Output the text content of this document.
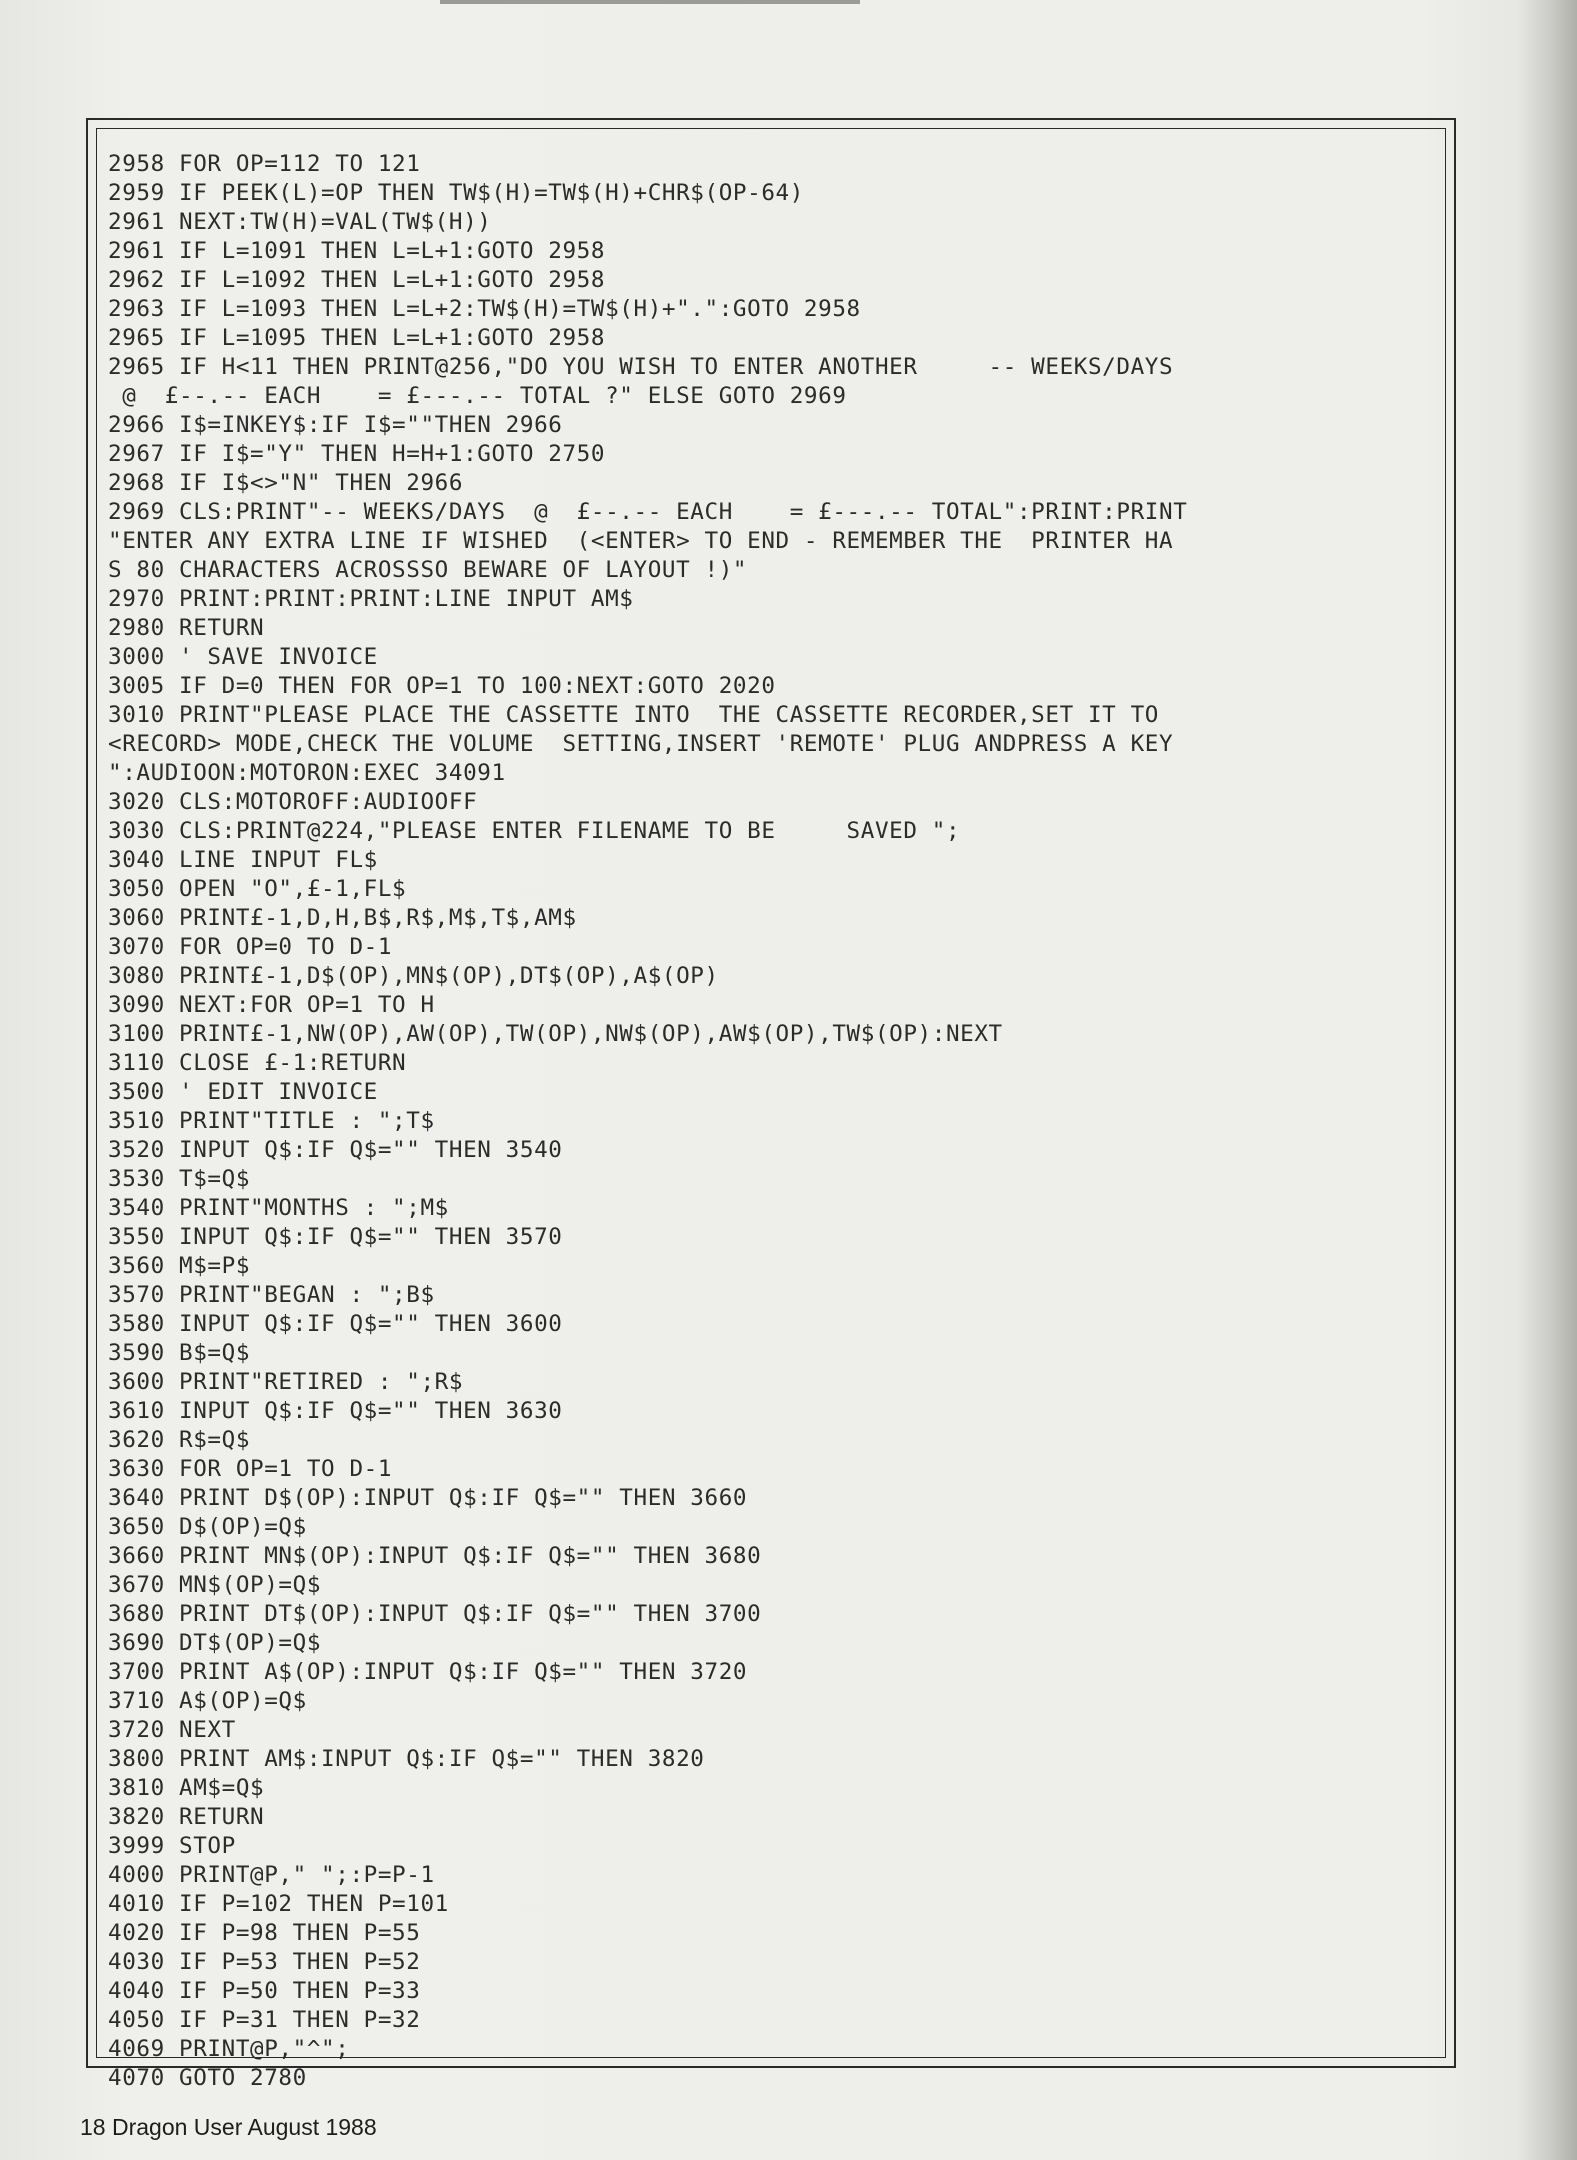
2958 FOR OP=112 TO 121
2959 IF PEEK(L)=OP THEN TW$(H)=TW$(H)+CHR$(OP-64)
2961 NEXT:TW(H)=VAL(TW$(H))
2961 IF L=1091 THEN L=L+1:GOTO 2958
2962 IF L=1092 THEN L=L+1:GOTO 2958
2963 IF L=1093 THEN L=L+2:TW$(H)=TW$(H)+".":GOTO 2958
2965 IF L=1095 THEN L=L+1:GOTO 2958
2965 IF H<11 THEN PRINT@256,"DO YOU WISH TO ENTER ANOTHER     -- WEEKS/DAYS
@  £--.-- EACH    = £---.-- TOTAL ?" ELSE GOTO 2969
2966 I$=INKEY$:IF I$=""THEN 2966
2967 IF I$="Y" THEN H=H+1:GOTO 2750
2968 IF I$<>"N" THEN 2966
2969 CLS:PRINT"-- WEEKS/DAYS  @  £--.-- EACH    = £---.-- TOTAL":PRINT:PRINT
"ENTER ANY EXTRA LINE IF WISHED  (<ENTER> TO END - REMEMBER THE  PRINTER HA
S 80 CHARACTERS ACROSSSO BEWARE OF LAYOUT !)"
2970 PRINT:PRINT:PRINT:LINE INPUT AM$
2980 RETURN
3000 ' SAVE INVOICE
3005 IF D=0 THEN FOR OP=1 TO 100:NEXT:GOTO 2020
3010 PRINT"PLEASE PLACE THE CASSETTE INTO  THE CASSETTE RECORDER,SET IT TO
<RECORD> MODE,CHECK THE VOLUME  SETTING,INSERT 'REMOTE' PLUG ANDPRESS A KEY
":AUDIOON:MOTORON:EXEC 34091
3020 CLS:MOTOROFF:AUDIOOFF
3030 CLS:PRINT@224,"PLEASE ENTER FILENAME TO BE     SAVED ";
3040 LINE INPUT FL$
3050 OPEN "O",£-1,FL$
3060 PRINT£-1,D,H,B$,R$,M$,T$,AM$
3070 FOR OP=0 TO D-1
3080 PRINT£-1,D$(OP),MN$(OP),DT$(OP),A$(OP)
3090 NEXT:FOR OP=1 TO H
3100 PRINT£-1,NW(OP),AW(OP),TW(OP),NW$(OP),AW$(OP),TW$(OP):NEXT
3110 CLOSE £-1:RETURN
3500 ' EDIT INVOICE
3510 PRINT"TITLE : ";T$
3520 INPUT Q$:IF Q$="" THEN 3540
3530 T$=Q$
3540 PRINT"MONTHS : ";M$
3550 INPUT Q$:IF Q$="" THEN 3570
3560 M$=P$
3570 PRINT"BEGAN : ";B$
3580 INPUT Q$:IF Q$="" THEN 3600
3590 B$=Q$
3600 PRINT"RETIRED : ";R$
3610 INPUT Q$:IF Q$="" THEN 3630
3620 R$=Q$
3630 FOR OP=1 TO D-1
3640 PRINT D$(OP):INPUT Q$:IF Q$="" THEN 3660
3650 D$(OP)=Q$
3660 PRINT MN$(OP):INPUT Q$:IF Q$="" THEN 3680
3670 MN$(OP)=Q$
3680 PRINT DT$(OP):INPUT Q$:IF Q$="" THEN 3700
3690 DT$(OP)=Q$
3700 PRINT A$(OP):INPUT Q$:IF Q$="" THEN 3720
3710 A$(OP)=Q$
3720 NEXT
3800 PRINT AM$:INPUT Q$:IF Q$="" THEN 3820
3810 AM$=Q$
3820 RETURN
3999 STOP
4000 PRINT@P," ";:P=P-1
4010 IF P=102 THEN P=101
4020 IF P=98 THEN P=55
4030 IF P=53 THEN P=52
4040 IF P=50 THEN P=33
4050 IF P=31 THEN P=32
4069 PRINT@P,"^";
4070 GOTO 2780
18 Dragon User August 1988
